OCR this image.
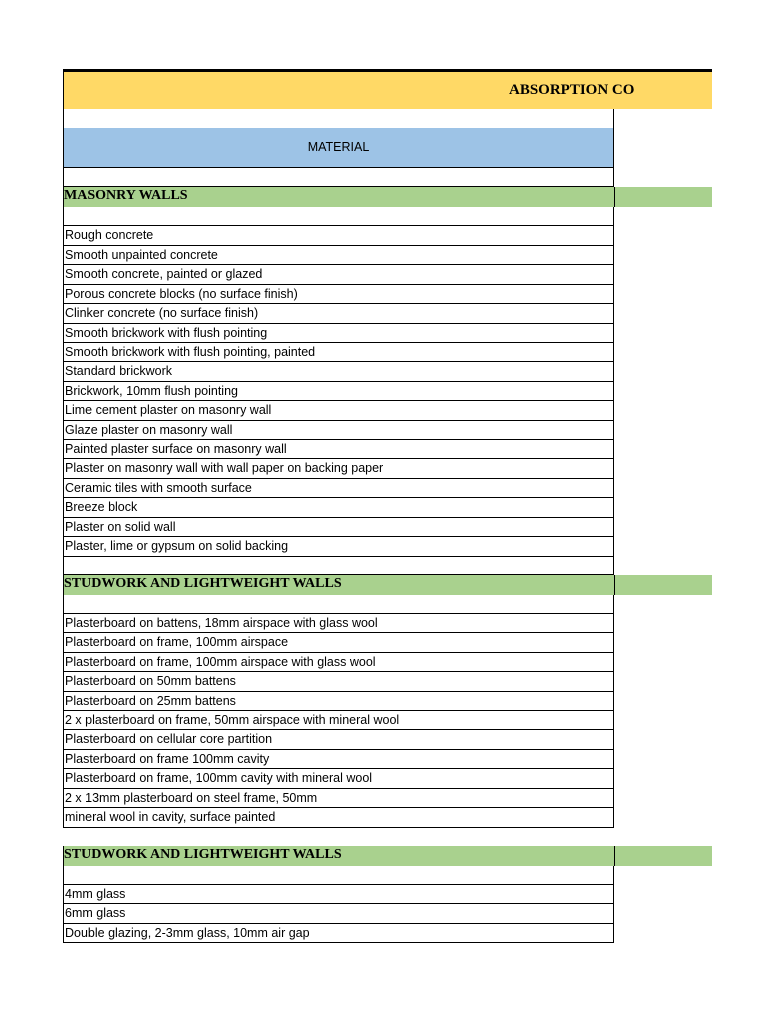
ABSORPTION CO
MATERIAL
MASONRY WALLS
Rough concrete
Smooth unpainted concrete
Smooth concrete, painted or glazed
Porous concrete blocks (no surface finish)
Clinker concrete (no surface finish)
Smooth brickwork with flush pointing
Smooth brickwork with flush pointing, painted
Standard brickwork
Brickwork, 10mm flush pointing
Lime cement plaster on masonry wall
Glaze plaster on masonry wall
Painted plaster surface on masonry wall
Plaster on masonry wall with wall paper on backing paper
Ceramic tiles with smooth surface
Breeze block
Plaster on solid wall
Plaster, lime or gypsum on solid backing
STUDWORK AND LIGHTWEIGHT WALLS
Plasterboard on battens, 18mm airspace with glass wool
Plasterboard on frame, 100mm airspace
Plasterboard on frame, 100mm airspace with glass wool
Plasterboard on 50mm battens
Plasterboard on 25mm battens
2 x plasterboard on frame, 50mm airspace with mineral wool
Plasterboard on cellular core partition
Plasterboard on frame 100mm cavity
Plasterboard on frame, 100mm cavity with mineral wool
2 x 13mm plasterboard on steel frame, 50mm
mineral wool in cavity, surface painted
STUDWORK AND LIGHTWEIGHT WALLS
4mm glass
6mm glass
Double glazing, 2-3mm glass, 10mm air gap
